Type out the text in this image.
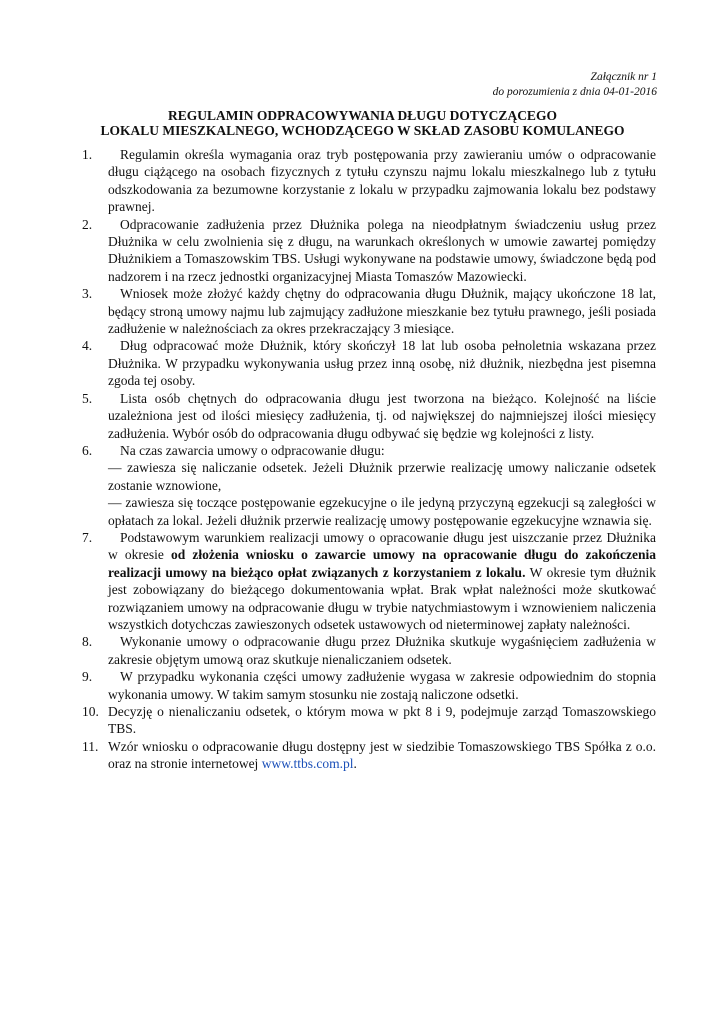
Załącznik nr 1
do porozumienia z dnia 04-01-2016
REGULAMIN ODPRACOWYWANIA DŁUGU DOTYCZĄCEGO
LOKALU MIESZKALNEGO, WCHODZĄCEGO W SKŁAD ZASOBU KOMULANEGO
1.	Regulamin określa wymagania oraz tryb postępowania przy zawieraniu umów o odpracowanie długu ciążącego na osobach fizycznych z tytułu czynszu najmu lokalu mieszkalnego lub z tytułu odszkodowania za bezumowne korzystanie z lokalu w przypadku zajmowania lokalu bez podstawy prawnej.
2.	Odpracowanie zadłużenia przez Dłużnika polega na nieodpłatnym świadczeniu usług przez Dłużnika w celu zwolnienia się z długu, na warunkach określonych w umowie zawartej pomiędzy Dłużnikiem a Tomaszowskim TBS. Usługi wykonywane na podstawie umowy, świadczone będą pod nadzorem i na rzecz jednostki organizacyjnej Miasta Tomaszów Mazowiecki.
3.	Wniosek może złożyć każdy chętny do odpracowania długu Dłużnik, mający ukończone 18 lat, będący stroną umowy najmu lub zajmujący zadłużone mieszkanie bez tytułu prawnego, jeśli posiada zadłużenie w należnościach za okres przekraczający 3 miesiące.
4.	Dług odpracować może Dłużnik, który skończył 18 lat lub osoba pełnoletnia wskazana przez Dłużnika. W przypadku wykonywania usług przez inną osobę, niż dłużnik, niezbędna jest pisemna zgoda tej osoby.
5.	Lista osób chętnych do odpracowania długu jest tworzona na bieżąco. Kolejność na liście uzależniona jest od ilości miesięcy zadłużenia, tj. od największej do najmniejszej ilości miesięcy zadłużenia. Wybór osób do odpracowania długu odbywać się będzie wg kolejności z listy.
6.	Na czas zawarcia umowy o odpracowanie długu:
— zawiesza się naliczanie odsetek. Jeżeli Dłużnik przerwie realizację umowy naliczanie odsetek zostanie wznowione,
— zawiesza się toczące postępowanie egzekucyjne o ile jedyną przyczyną egzekucji są zaległości w opłatach za lokal. Jeżeli dłużnik przerwie realizację umowy postępowanie egzekucyjne wznawia się.
7.	Podstawowym warunkiem realizacji umowy o opracowanie długu jest uiszczanie przez Dłużnika w okresie od złożenia wniosku o zawarcie umowy na opracowanie długu do zakończenia realizacji umowy na bieżąco opłat związanych z korzystaniem z lokalu. W okresie tym dłużnik jest zobowiązany do bieżącego dokumentowania wpłat. Brak wpłat należności może skutkować rozwiązaniem umowy na odpracowanie długu w trybie natychmiastowym i wznowieniem naliczenia wszystkich dotychczas zawieszonych odsetek ustawowych od nieterminowej zapłaty należności.
8.	Wykonanie umowy o odpracowanie długu przez Dłużnika skutkuje wygaśnięciem zadłużenia w zakresie objętym umową oraz skutkuje nienaliczaniem odsetek.
9.	W przypadku wykonania części umowy zadłużenie wygasa w zakresie odpowiednim do stopnia wykonania umowy. W takim samym stosunku nie zostają naliczone odsetki.
10. Decyzję o nienaliczaniu odsetek, o którym mowa w pkt 8 i 9, podejmuje zarząd Tomaszowskiego TBS.
11. Wzór wniosku o odpracowanie długu dostępny jest w siedzibie Tomaszowskiego TBS Spółka z o.o. oraz na stronie internetowej www.ttbs.com.pl.
